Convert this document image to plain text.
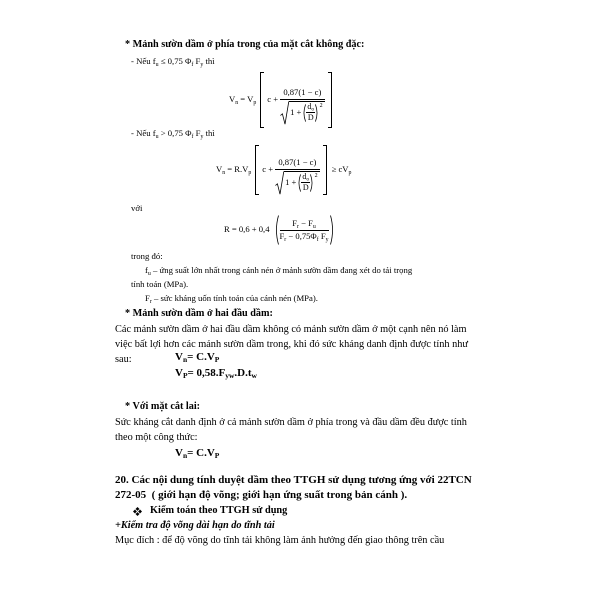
* Mảnh sườn dầm ở phía trong của mặt cắt không đặc:
- Nếu $f_u \le 0,75$ $\Phi_f$ $F_y$ thì
$V_n = V_p$ c +
0,87(1 − c)
$1 + \frac{d_o}{D} 2$
- Nếu $f_u > 0,75$ $\Phi_f$ $F_y$ thì
$V_n = R.V_p$ c +
0,87(1 − c)
$1 + \frac{d_o}{D} 2$
≥ $cV_p$
với
$R = 0,6 + 0,4 \frac{F_r - F_u}{F_r - 0,75\Phi_f F_y}$
trong đó:
$f_u$ – ứng suất lớn nhất trong cánh nén ở mảnh sườn dầm đang xét do tải trọng
tính toán (MPa).
$F_r$ – sức kháng uốn tính toán của cánh nén (MPa).
* Mảnh sườn dầm ở hai đầu dầm:
Các mảnh sườn dầm ở hai đầu dầm không có mảnh sườn dầm ở một cạnh nên nó làm
việc bất lợi hơn các mảnh sườn dầm trong, khi đó sức kháng danh định được tính như
sau:	$V_n= C.V_P$
$V_P= 0,58.F_{yw}.D.t_w$
* Với mặt cắt lai:
Sức kháng cắt danh định ở cả mảnh sườn dầm ở phía trong và đầu dầm đều được tính
theo một công thức:
$V_n= C.V_P$
20. Các nội dung tính duyệt dầm theo TTGH sử dụng tương ứng với 22TCN
272-05  ( giới hạn độ võng; giới hạn ứng suất trong bản cánh ).
Kiểm toán theo TTGH sử dụng
+Kiểm tra độ võng dài hạn do tĩnh tải
Mục đích : để độ võng do tĩnh tải không làm ảnh hưởng đến giao thông trên cầu
